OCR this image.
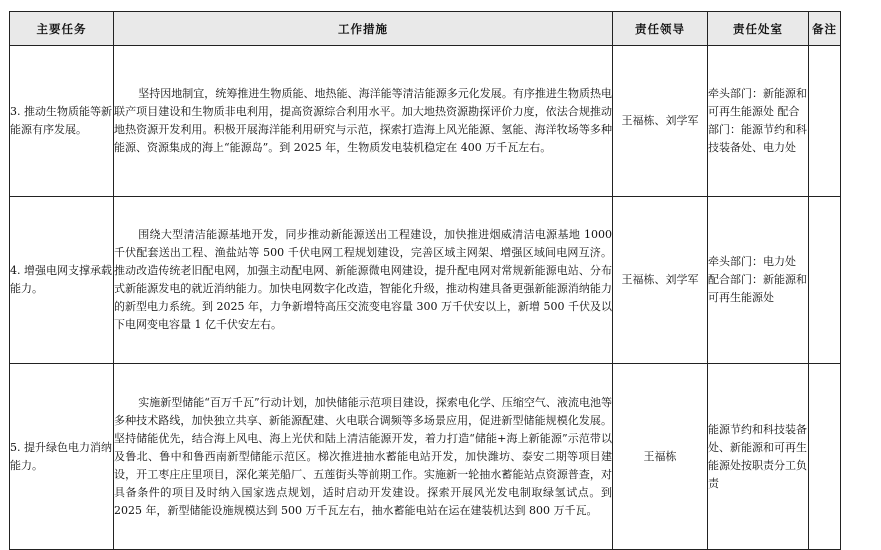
主要任务	工作措施	责任领导	责任处室	备注
3. 推动生物质能等新能源有序发展。	坚持因地制宜，统筹推进生物质能、地热能、海洋能等清洁能源多元化发展。有序推进生物质热电联产项目建设和生物质非电利用，提高资源综合利用水平。加大地热资源勘探评价力度，依法合规推动地热资源开发利用。积极开展海洋能利用研究与示范，探索打造海上风光能源、氢能、海洋牧场等多种能源、资源集成的海上“能源岛”。到 2025 年，生物质发电装机稳定在 400 万千瓦左右。	王福栋、刘学军	牵头部门：新能源和可再生能源处 配合部门：能源节约和科技装备处、电力处	
4. 增强电网支撑承载能力。	围绕大型清洁能源基地开发，同步推动新能源送出工程建设，加快推进烟威清洁电源基地 1000 千伏配套送出工程、渔盐站等 500 千伏电网工程规划建设，完善区域主网架、增强区域间电网互济。推动改造传统老旧配电网，加强主动配电网、新能源微电网建设，提升配电网对常规新能源电站、分布式新能源发电的就近消纳能力。加快电网数字化改造，智能化升级，推动构建具备更强新能源消纳能力的新型电力系统。到 2025 年，力争新增特高压交流变电容量 300 万千伏安以上，新增 500 千伏及以下电网变电容量 1 亿千伏安左右。	王福栋、刘学军	牵头部门：电力处 配合部门：新能源和可再生能源处	
5. 提升绿色电力消纳能力。	实施新型储能“百万千瓦”行动计划，加快储能示范项目建设，探索电化学、压缩空气、液流电池等多种技术路线，加快独立共享、新能源配建、火电联合调频等多场景应用，促进新型储能规模化发展。坚持储能优先，结合海上风电、海上光伏和陆上清洁能源开发，着力打造“储能+海上新能源”示范带以及鲁北、鲁中和鲁西南新型储能示范区。梯次推进抽水蓄能电站开发，加快潍坊、泰安二期等项目建设，开工枣庄庄里项目，深化莱芜船厂、五莲街头等前期工作。实施新一轮抽水蓄能站点资源普查，对具备条件的项目及时纳入国家选点规划，适时启动开发建设。探索开展风光发电制取绿氢试点。到 2025 年，新型储能设施规模达到 500 万千瓦左右，抽水蓄能电站在运在建装机达到 800 万千瓦。	王福栋	能源节约和科技装备处、新能源和可再生能源处按职责分工负责	
